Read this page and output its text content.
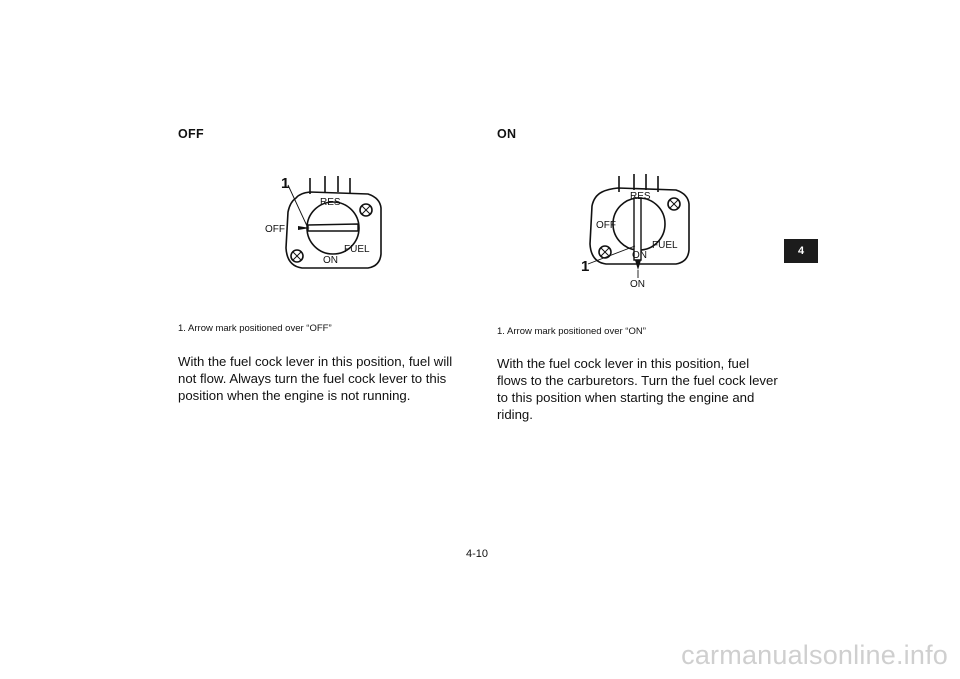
OFF
1
RES
OFF
FUEL
ON
1. Arrow mark positioned over “OFF”
With the fuel cock lever in this position, fuel will not flow. Always turn the fuel cock lever to this position when the engine is not running.
ON
1
RES
OFF
FUEL
ON
ON
1. Arrow mark positioned over “ON”
With the fuel cock lever in this position, fuel flows to the carburetors. Turn the fuel cock lever to this position when starting the engine and riding.
4
4-10
carmanualsonline.info
